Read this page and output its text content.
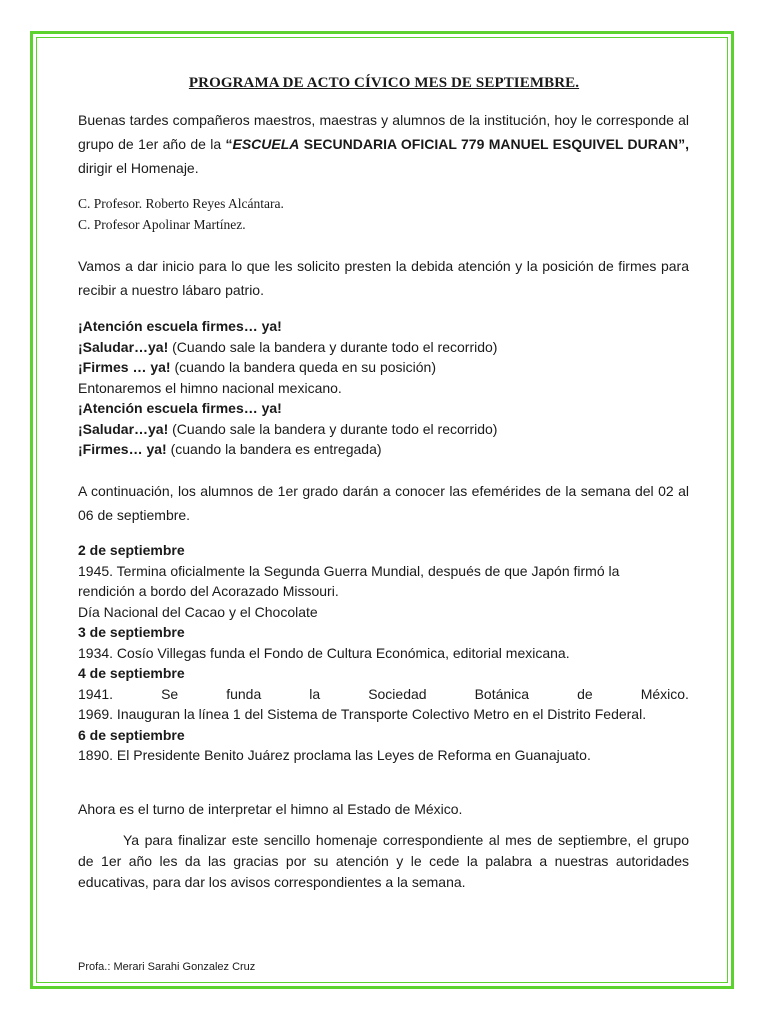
PROGRAMA DE ACTO CÍVICO MES DE SEPTIEMBRE.
Buenas tardes compañeros maestros, maestras y alumnos de la institución, hoy le corresponde al grupo de 1er año de la “ESCUELA SECUNDARIA OFICIAL 779 MANUEL ESQUIVEL DURAN”, dirigir el Homenaje.
C. Profesor. Roberto Reyes Alcántara.
C. Profesor Apolinar Martínez.
Vamos a dar inicio para lo que les solicito presten la debida atención y la posición de firmes para recibir a nuestro lábaro patrio.
¡Atención escuela firmes… ya!
¡Saludar…ya! (Cuando sale la bandera y durante todo el recorrido)
¡Firmes … ya! (cuando la bandera queda en su posición)
Entonaremos el himno nacional mexicano.
¡Atención escuela firmes… ya!
¡Saludar…ya! (Cuando sale la bandera y durante todo el recorrido)
¡Firmes… ya! (cuando la bandera es entregada)
A continuación, los alumnos de 1er grado darán a conocer las efemérides de la semana del 02 al 06 de septiembre.
2 de septiembre
1945. Termina oficialmente la Segunda Guerra Mundial, después de que Japón firmó la
rendición a bordo del Acorazado Missouri.
Día Nacional del Cacao y el Chocolate
3 de septiembre
1934. Cosío Villegas funda el Fondo de Cultura Económica, editorial mexicana.
4 de septiembre
1941.	Se	funda	la	Sociedad	Botánica	de	México.
1969. Inauguran la línea 1 del Sistema de Transporte Colectivo Metro en el Distrito Federal.
6 de septiembre
1890. El Presidente Benito Juárez proclama las Leyes de Reforma en Guanajuato.
Ahora es el turno de interpretar el himno al Estado de México.
Ya para finalizar este sencillo homenaje correspondiente al mes de septiembre, el grupo de 1er año les da las gracias por su atención y le cede la palabra a nuestras autoridades educativas, para dar los avisos correspondientes a la semana.
Profa.: Merari Sarahi Gonzalez Cruz
